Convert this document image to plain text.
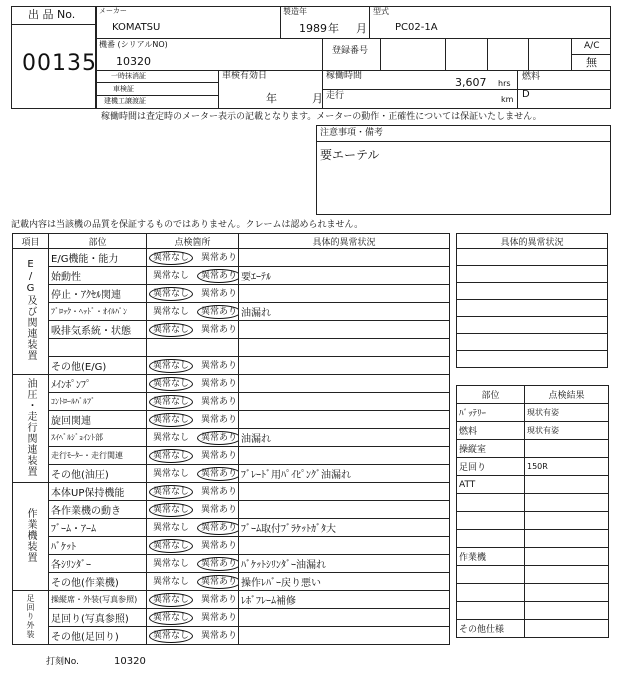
出 品 No.
00135
メーカー
KOMATSU
製造年
1989 年 月
型式
PC02-1A
機番 (シリアルNO)
10320
登録番号	A/C
無
一時抹消証
車検証
建機工譲渡証
車検有効日
年	月
稼働時間	3,607 hrs
km
走行
燃料
D
稼働時間は査定時のメーター表示の記載となります。メーターの動作・正確性については保証いたしません。
注意事項・備考
要エーテル
記載内容は当該機の品質を保証するものではありません。クレームは認められません。
項目	部位	点検箇所	具体的異常状況
E/G及び関連装置	E/G機能・能力	異常なし 異常あり	
	始動性	異常なし 異常あり	要ｴｰﾃﾙ
	停止・ｱｸｾﾙ関連	異常なし 異常あり	
	ﾌﾞﾛｯｸ・ﾍｯﾄﾞ・ｵｲﾙﾊﾟﾝ	異常なし 異常あり	油漏れ
	吸排気系統・状態	異常なし 異常あり	

	その他(E/G)	異常なし 異常あり	
油圧・走行関連装置	ﾒｲﾝﾎﾟﾝﾌﾟ	異常なし 異常あり	
	ｺﾝﾄﾛｰﾙﾊﾞﾙﾌﾞ	異常なし 異常あり	
	旋回関連	異常なし 異常あり	
	ｽｲﾍﾞﾙｼﾞｮｲﾝﾄ部	異常なし 異常あり	油漏れ
	走行ﾓｰﾀｰ・走行関連	異常なし 異常あり	
	その他(油圧)	異常なし 異常あり	ﾌﾞﾚｰﾄﾞ用ﾊﾟｲﾋﾟﾝｸﾞ油漏れ
作業機装置	本体UP保持機能	異常なし 異常あり	
	各作業機の動き	異常なし 異常あり	
	ﾌﾞｰﾑ・ｱｰﾑ	異常なし 異常あり	ﾌﾞｰﾑ取付ﾌﾞﾗｹｯﾄｶﾞﾀ大
	ﾊﾞｹｯﾄ	異常なし 異常あり	
	各ｼﾘﾝﾀﾞｰ	異常なし 異常あり	ﾊﾞｹｯﾄｼﾘﾝﾀﾞｰ油漏れ
	その他(作業機)	異常なし 異常あり	操作ﾚﾊﾞｰ戻り悪い
足回り外装	操縦席・外装(写真参照)	異常なし 異常あり	ﾚﾎﾞﾌﾚｰﾑ補修
	足回り(写真参照)	異常なし 異常あり	
	その他(足回り)	異常なし 異常あり	
具体的異常状況

部位	点検結果
ﾊﾞｯﾃﾘｰ	現状有姿
燃料	現状有姿
操縦室	
足回り	150R
ATT	

作業機	

その他仕様	
打刻No.	10320
